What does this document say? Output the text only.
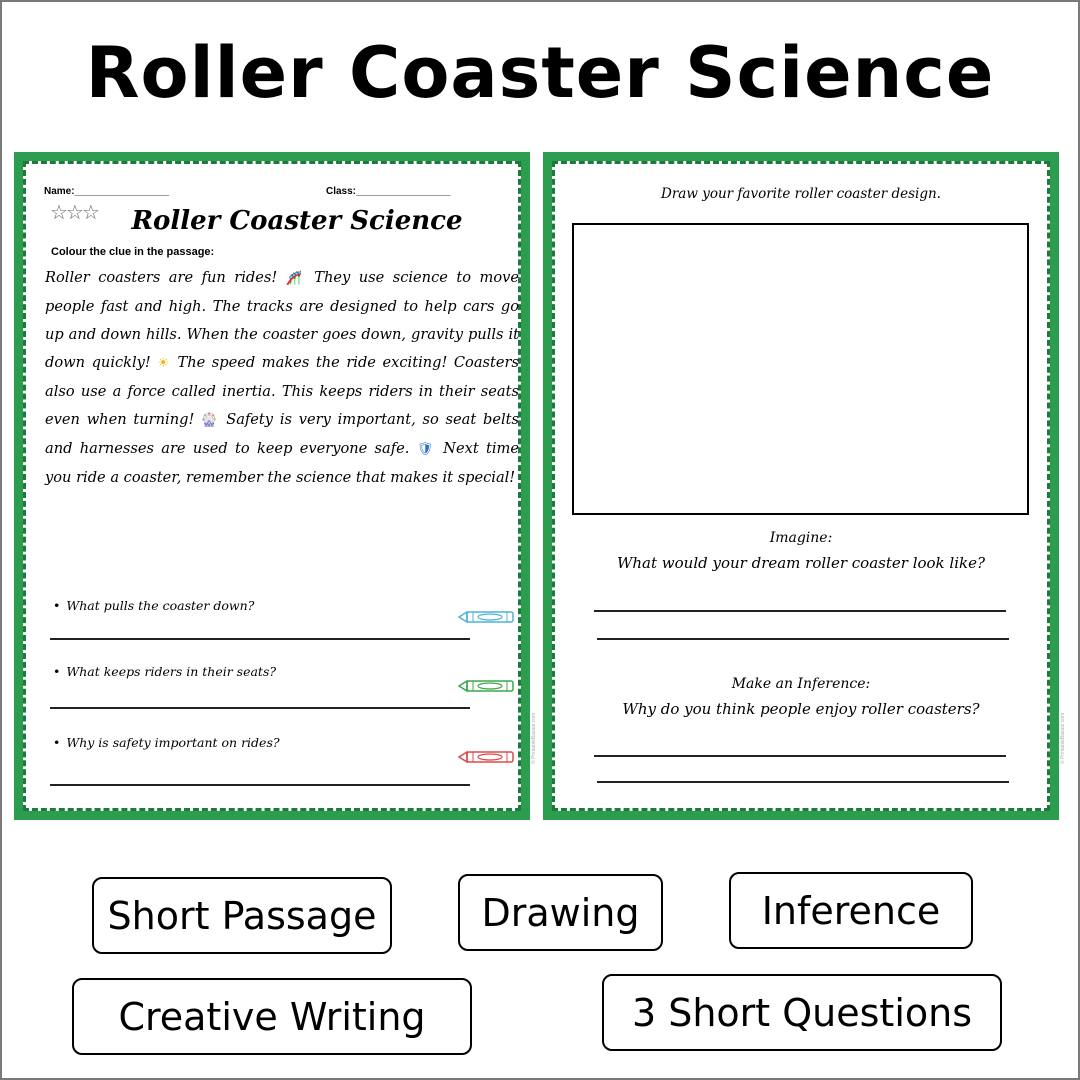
Roller Coaster Science
Name:_________________	Class:_________________
☆☆☆	Roller Coaster Science
Colour the clue in the passage:
Roller coasters are fun rides! 🎢 They use science to move people fast and high. The tracks are designed to help cars go up and down hills. When the coaster goes down, gravity pulls it down quickly! ☀ The speed makes the ride exciting! Coasters also use a force called inertia. This keeps riders in their seats even when turning! 🎡 Safety is very important, so seat belts and harnesses are used to keep everyone safe. 🛡 Next time you ride a coaster, remember the science that makes it special!
• What pulls the coaster down?
• What keeps riders in their seats?
• Why is safety important on rides?	© PrintableBazaar.com
Draw your favorite roller coaster design.
Imagine:
What would your dream roller coaster look like?
Make an Inference:
Why do you think people enjoy roller coasters?
© PrintableBazaar.com
Short Passage	Drawing	Inference
Creative Writing	3 Short Questions
